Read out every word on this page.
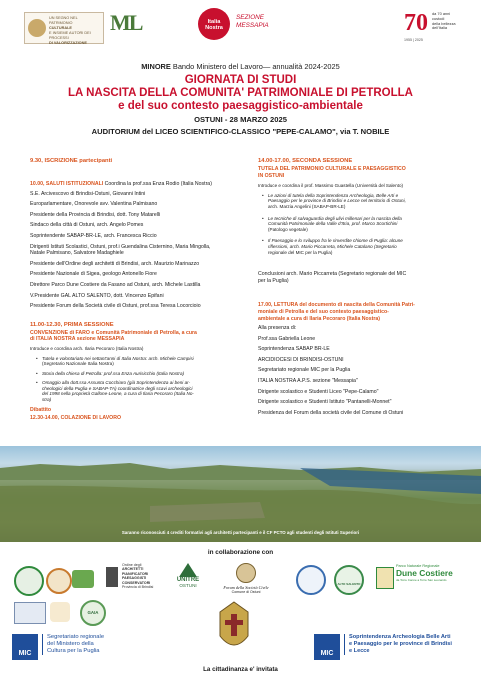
UN SEGNO NEL PATRIMONIO
CULTURALE
E INSIEME AUTORI DEI PROCESSI
DI VALORIZZAZIONE
ML	Italia Nostra
SEZIONE
MESSAPIA	70 da 70 anni
custodi
della bellezza
dell'Italia
1955 | 2025
MINORE Bando Ministero del Lavoro— annualità 2024-2025
GIORNATA DI STUDI
LA NASCITA DELLA COMUNITA' PATRIMONIALE DI PETROLLA
e del suo contesto paesaggistico-ambientale
OSTUNI - 28 MARZO 2025
AUDITORIUM del LICEO SCIENTIFICO-CLASSICO "PEPE-CALAMO", via T. NOBILE
9.30, ISCRIZIONE partecipanti
10.00, SALUTI ISTITUZIONALI Coordina la prof.ssa Enza Rodio (Italia Nostra)
S.E. Arcivescovo di Brindisi-Ostuni, Giovanni Intini
Europarlamentare, Onorevole avv. Valentina Palmisano
Presidente della Provincia di Brindisi, dott. Tony Matarelli
Sindaco della città di Ostuni, arch. Angelo Pomes
Soprintendente SABAP-BR-LE, arch. Francesca Riccio
Dirigenti Istituti Scolastici, Ostuni, prof.i Guendalina Cisternino, Maria Mingolla,
Natale Palmisano, Salvatore Madaghiele
Presidente dell'Ordine degli architetti di Brindisi, arch. Maurizio Marinazzo
Presidente Nazionale di Sigea, geologo Antonello Fiore
Direttore Parco Dune Costiere da Fasano ad Ostuni, arch. Michele Lastilla
V.Presidente GAL ALTO SALENTO, dott. Vincenzo Epifani
Presidente Forum della Società civile di Ostuni, prof.ssa Teresa Locorcioio
11.00-12.30, PRIMA SESSIONE
CONVENZIONE di FARO e Comunità Patrimoniale di Petrolla, a cura
di ITALIA NOSTRA sezione MESSAPIA
Introduce e coordina arch. Ilaria Pecoraro (Italia Nostra)
• Tutela e volontariato nei settant'anni di Italia Nostra: arch. Michele Campisi
(Segretario Nazionale Italia Nostra)
• Storia della chiesa di Petrolla: prof.ssa Enza Aurisicchio (Italia Nostra)
• Omaggio alla dott.ssa Assunta Cocchiaro (già Soprintendenza ai beni ar-
cheologici della Puglia e SABAP-TA) coordinatrice degli scavi archeologici
del 1998 nella proprietà Gallone-Leone, a cura di Ilaria Pecoraro (Italia No-
stra)
Dibattito
12.30-14.00, COLAZIONE DI LAVORO
14.00-17.00, SECONDA SESSIONE
TUTELA DEL PATRIMONIO CULTURALE E PAESAGGISTICO
IN OSTUNI
Introduce e coordina il prof. Massimo Guastella (Università del Salento)
• Le azioni di tutela della Soprintendenza Archeologia, Belle Arti e
Paesaggio per le province di Brindisi e Lecce nel territorio di Ostuni,
arch. Marzia Angelini (SABAP-BR-LE)
• Le tecniche di salvaguardia degli ulivi millenari per la nascita della
Comunità Patrimoniale della Valle d'Itria, prof. Marco Scortichini
(Patologo vegetale)
• Il Paesaggio e lo sviluppo fra le rinverdite chiome di Puglia: alcune
riflessioni, arch. Mario Piccarreta, Michele Catalano (Segretario
regionale del MIC per la Puglia)
Conclusioni arch. Mario Piccarreta (Segretario regionale del MIC
per la Puglia)
17.00, LETTURA del documento di nascita della Comunità Patri-
moniale di Petrolla e del suo contesto paesaggistico-
ambientale a cura di Ilaria Pecoraro (Italia Nostra)
Alla presenza di:
Prof.ssa Gabriella Leone
Soprintendenza SABAP BR-LE
ARCIDIOCESI DI BRINDISI-OSTUNI
Segretariato regionale MIC per la Puglia
ITALIA NOSTRA A.P.S. sezione "Messapia"
Dirigente scolastico e Studenti Liceo "Pepe-Calamo"
Dirigente scolastico e Studenti Istituto "Pantanelli-Monnet"
Presidenza del Forum della società civile del Comune di Ostuni
Saranno riconosciuti 4 crediti formativi agli architetti partecipanti e il CF PCTO agli studenti degli Istituti Superiori
in collaborazione con
Ordine degli
ARCHITETTI
PIANIFICATORI
PAESAGGISTI
CONSERVATORI
Provincia di Brindisi
UNITRE
OSTUNI	Forum della Società Civile
Comune di Ostuni
ALTO SALENTO
Parco Naturale Regionale
Dune Costiere
da Torre Canne a Torre San Leonardo
GAIA
MIC
Segretariato regionale
del Ministero della
Cultura per la Puglia	MIC
Soprintendenza Archeologia Belle Arti
e Paesaggio per le province di Brindisi
e Lecce
La cittadinanza e' invitata
